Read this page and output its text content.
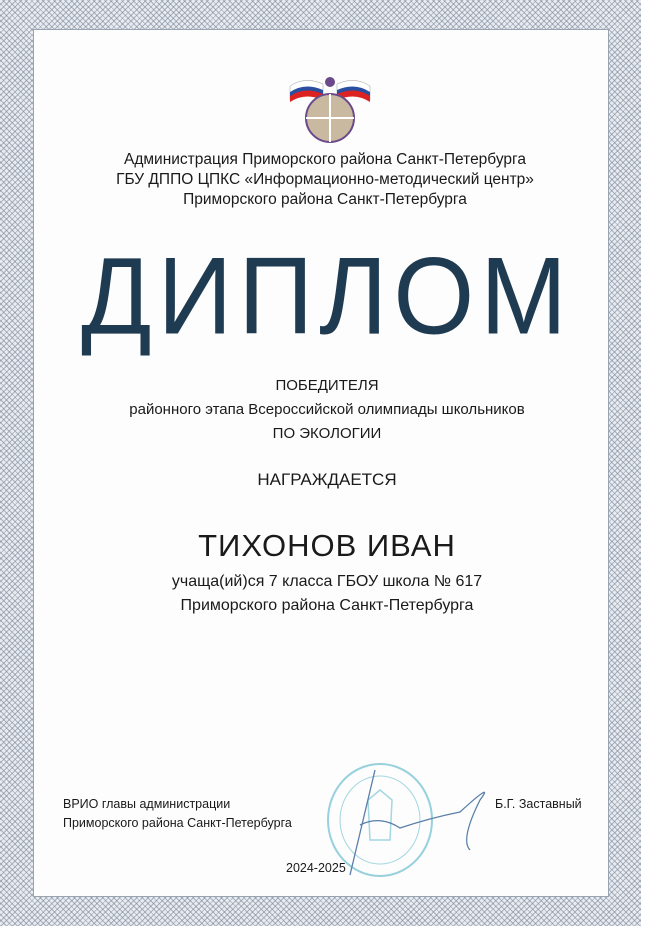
Администрация Приморского района Санкт-Петербурга
ГБУ ДППО ЦПКС «Информационно-методический центр»
Приморского района Санкт-Петербурга
ДИПЛОМ
ПОБЕДИТЕЛЯ
районного этапа Всероссийской олимпиады школьников
ПО ЭКОЛОГИИ
НАГРАЖДАЕТСЯ
ТИХОНОВ ИВАН
учаща(ий)ся 7 класса ГБОУ школа № 617
Приморского района Санкт-Петербурга
ВРИО главы администрации
Приморского района Санкт-Петербурга
Б.Г. Заставный
2024-2025
